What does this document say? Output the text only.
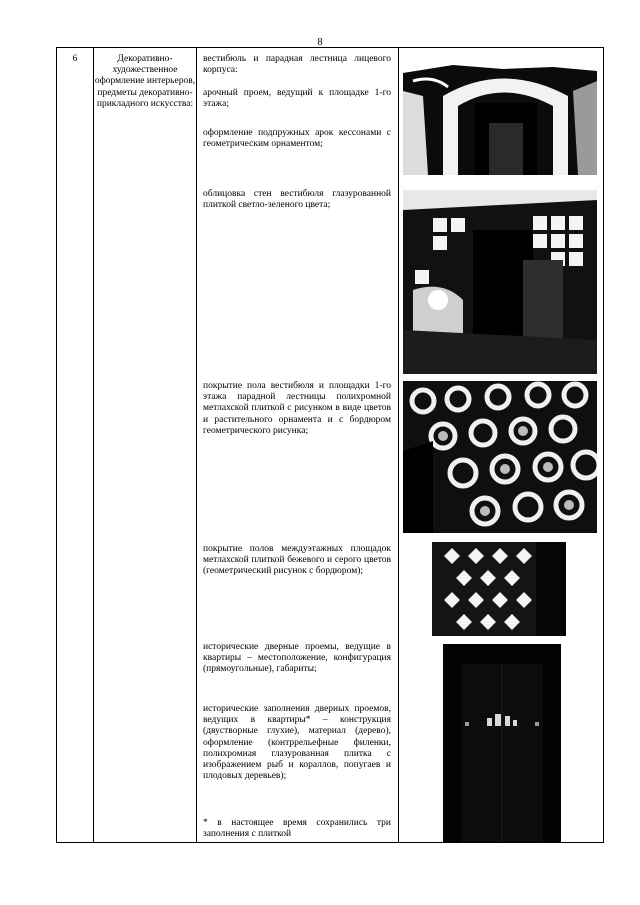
8
6	Декоративно-художественное оформление интерьеров, предметы декоративно-прикладного искусства:
вестибюль и парадная лестница лицевого корпуса:
арочный проем, ведущий к площадке 1-го этажа;
оформление подпружных арок кессонами с геометрическим орнаментом;
облицовка стен вестибюля глазурованной плиткой светло-зеленого цвета;
покрытие пола вестибюля и площадки 1-го этажа парадной лестницы полихромной метлахской плиткой с рисунком в виде цветов и растительного орнамента и с бордюром геометрического рисунка;
покрытие полов междуэтажных площадок метлахской плиткой бежевого и серого цветов (геометрический рисунок с бордюром);
исторические дверные проемы, ведущие в квартиры – местоположение, конфигурация (прямоугольные), габариты;
исторические заполнения дверных проемов, ведущих в квартиры* – конструкция (двустворные глухие), материал (дерево), оформление (контррельефные филенки, полихромная глазурованная плитка с изображением рыб и кораллов, попугаев и плодовых деревьев);
* в настоящее время сохранились три заполнения с плиткой
